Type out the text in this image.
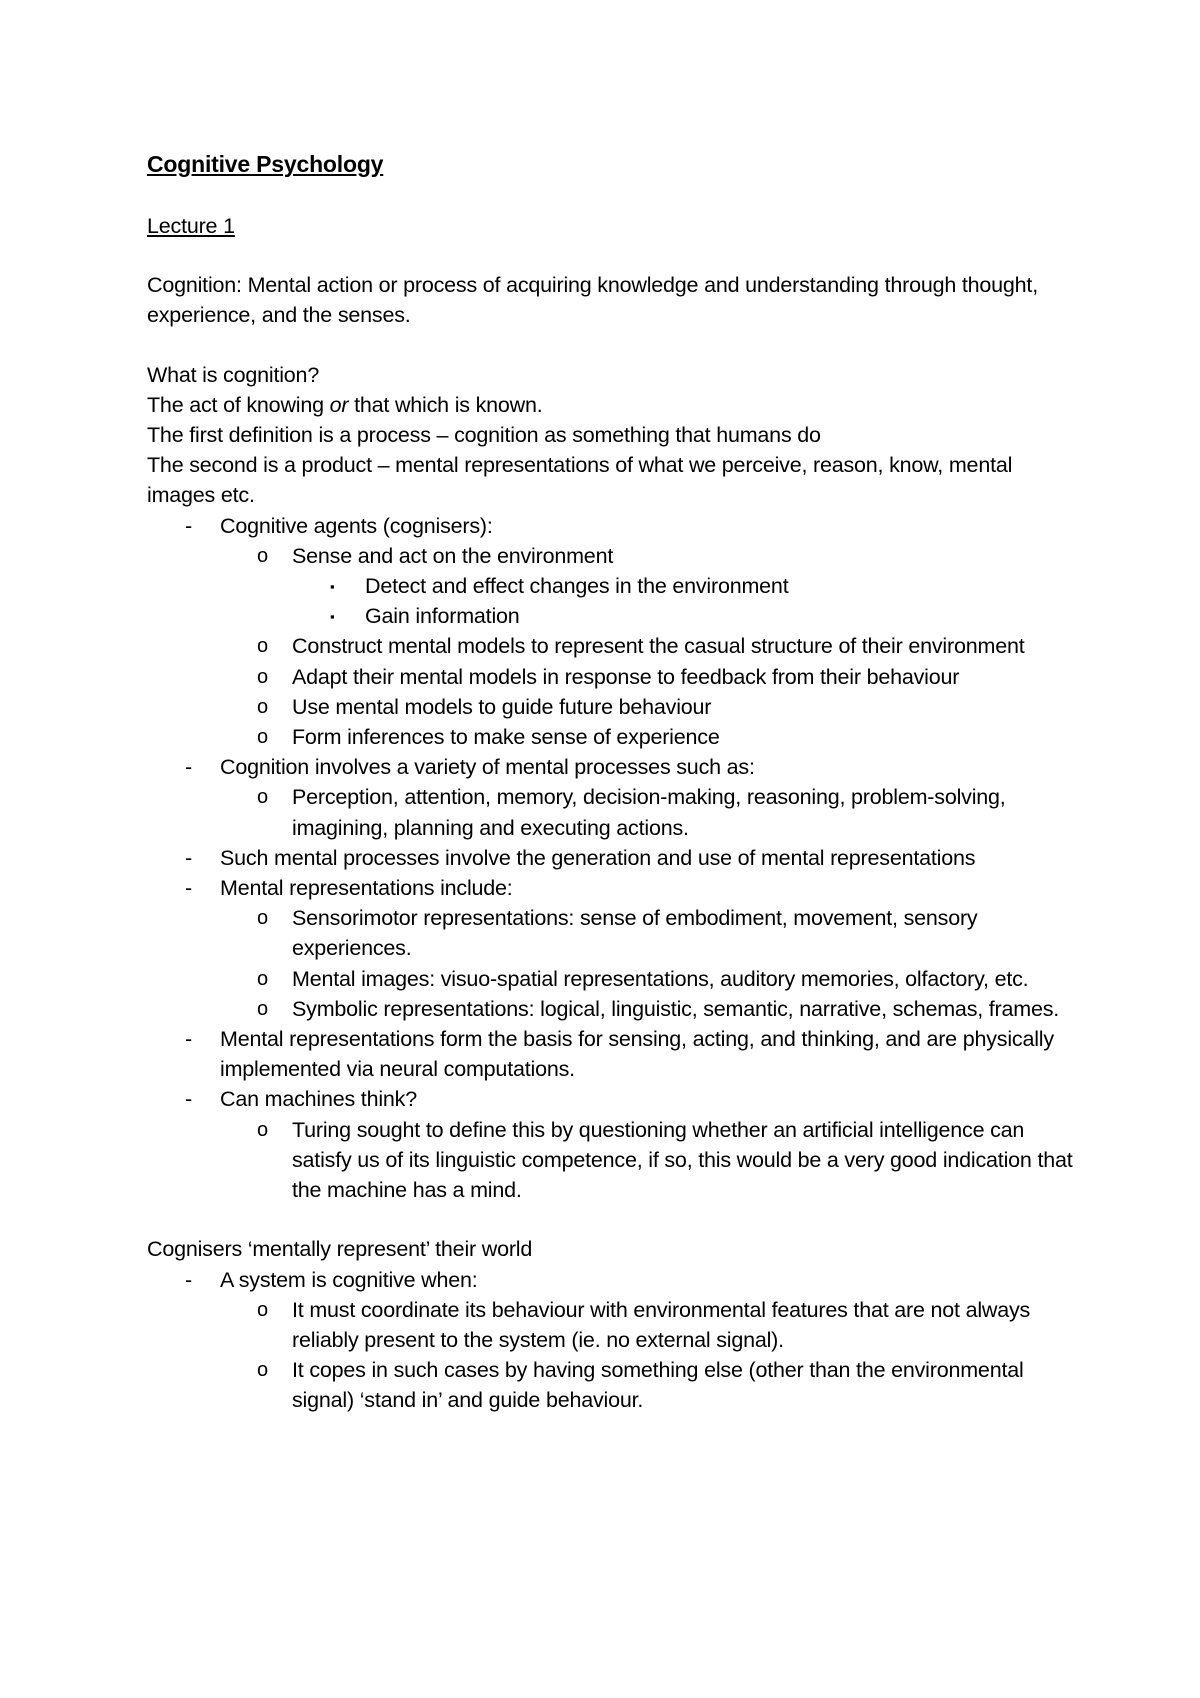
Cognitive Psychology

Lecture 1

Cognition: Mental action or process of acquiring knowledge and understanding through thought, experience, and the senses.

What is cognition?

The act of knowing or that which is known.

The first definition is a process – cognition as something that humans do

The second is a product – mental representations of what we perceive, reason, know, mental images etc.

- Cognitive agents (cognisers):
o Sense and act on the environment
▪ Detect and effect changes in the environment
▪ Gain information
o Construct mental models to represent the casual structure of their environment
o Adapt their mental models in response to feedback from their behaviour
o Use mental models to guide future behaviour
o Form inferences to make sense of experience
- Cognition involves a variety of mental processes such as:
o Perception, attention, memory, decision-making, reasoning, problem-solving, imagining, planning and executing actions.
- Such mental processes involve the generation and use of mental representations
- Mental representations include:
o Sensorimotor representations: sense of embodiment, movement, sensory experiences.
o Mental images: visuo-spatial representations, auditory memories, olfactory, etc.
o Symbolic representations: logical, linguistic, semantic, narrative, schemas, frames.
- Mental representations form the basis for sensing, acting, and thinking, and are physically implemented via neural computations.
- Can machines think?
o Turing sought to define this by questioning whether an artificial intelligence can satisfy us of its linguistic competence, if so, this would be a very good indication that the machine has a mind.

Cognisers ‘mentally represent’ their world

- A system is cognitive when:
o It must coordinate its behaviour with environmental features that are not always reliably present to the system (ie. no external signal).
o It copes in such cases by having something else (other than the environmental signal) ‘stand in’ and guide behaviour.
